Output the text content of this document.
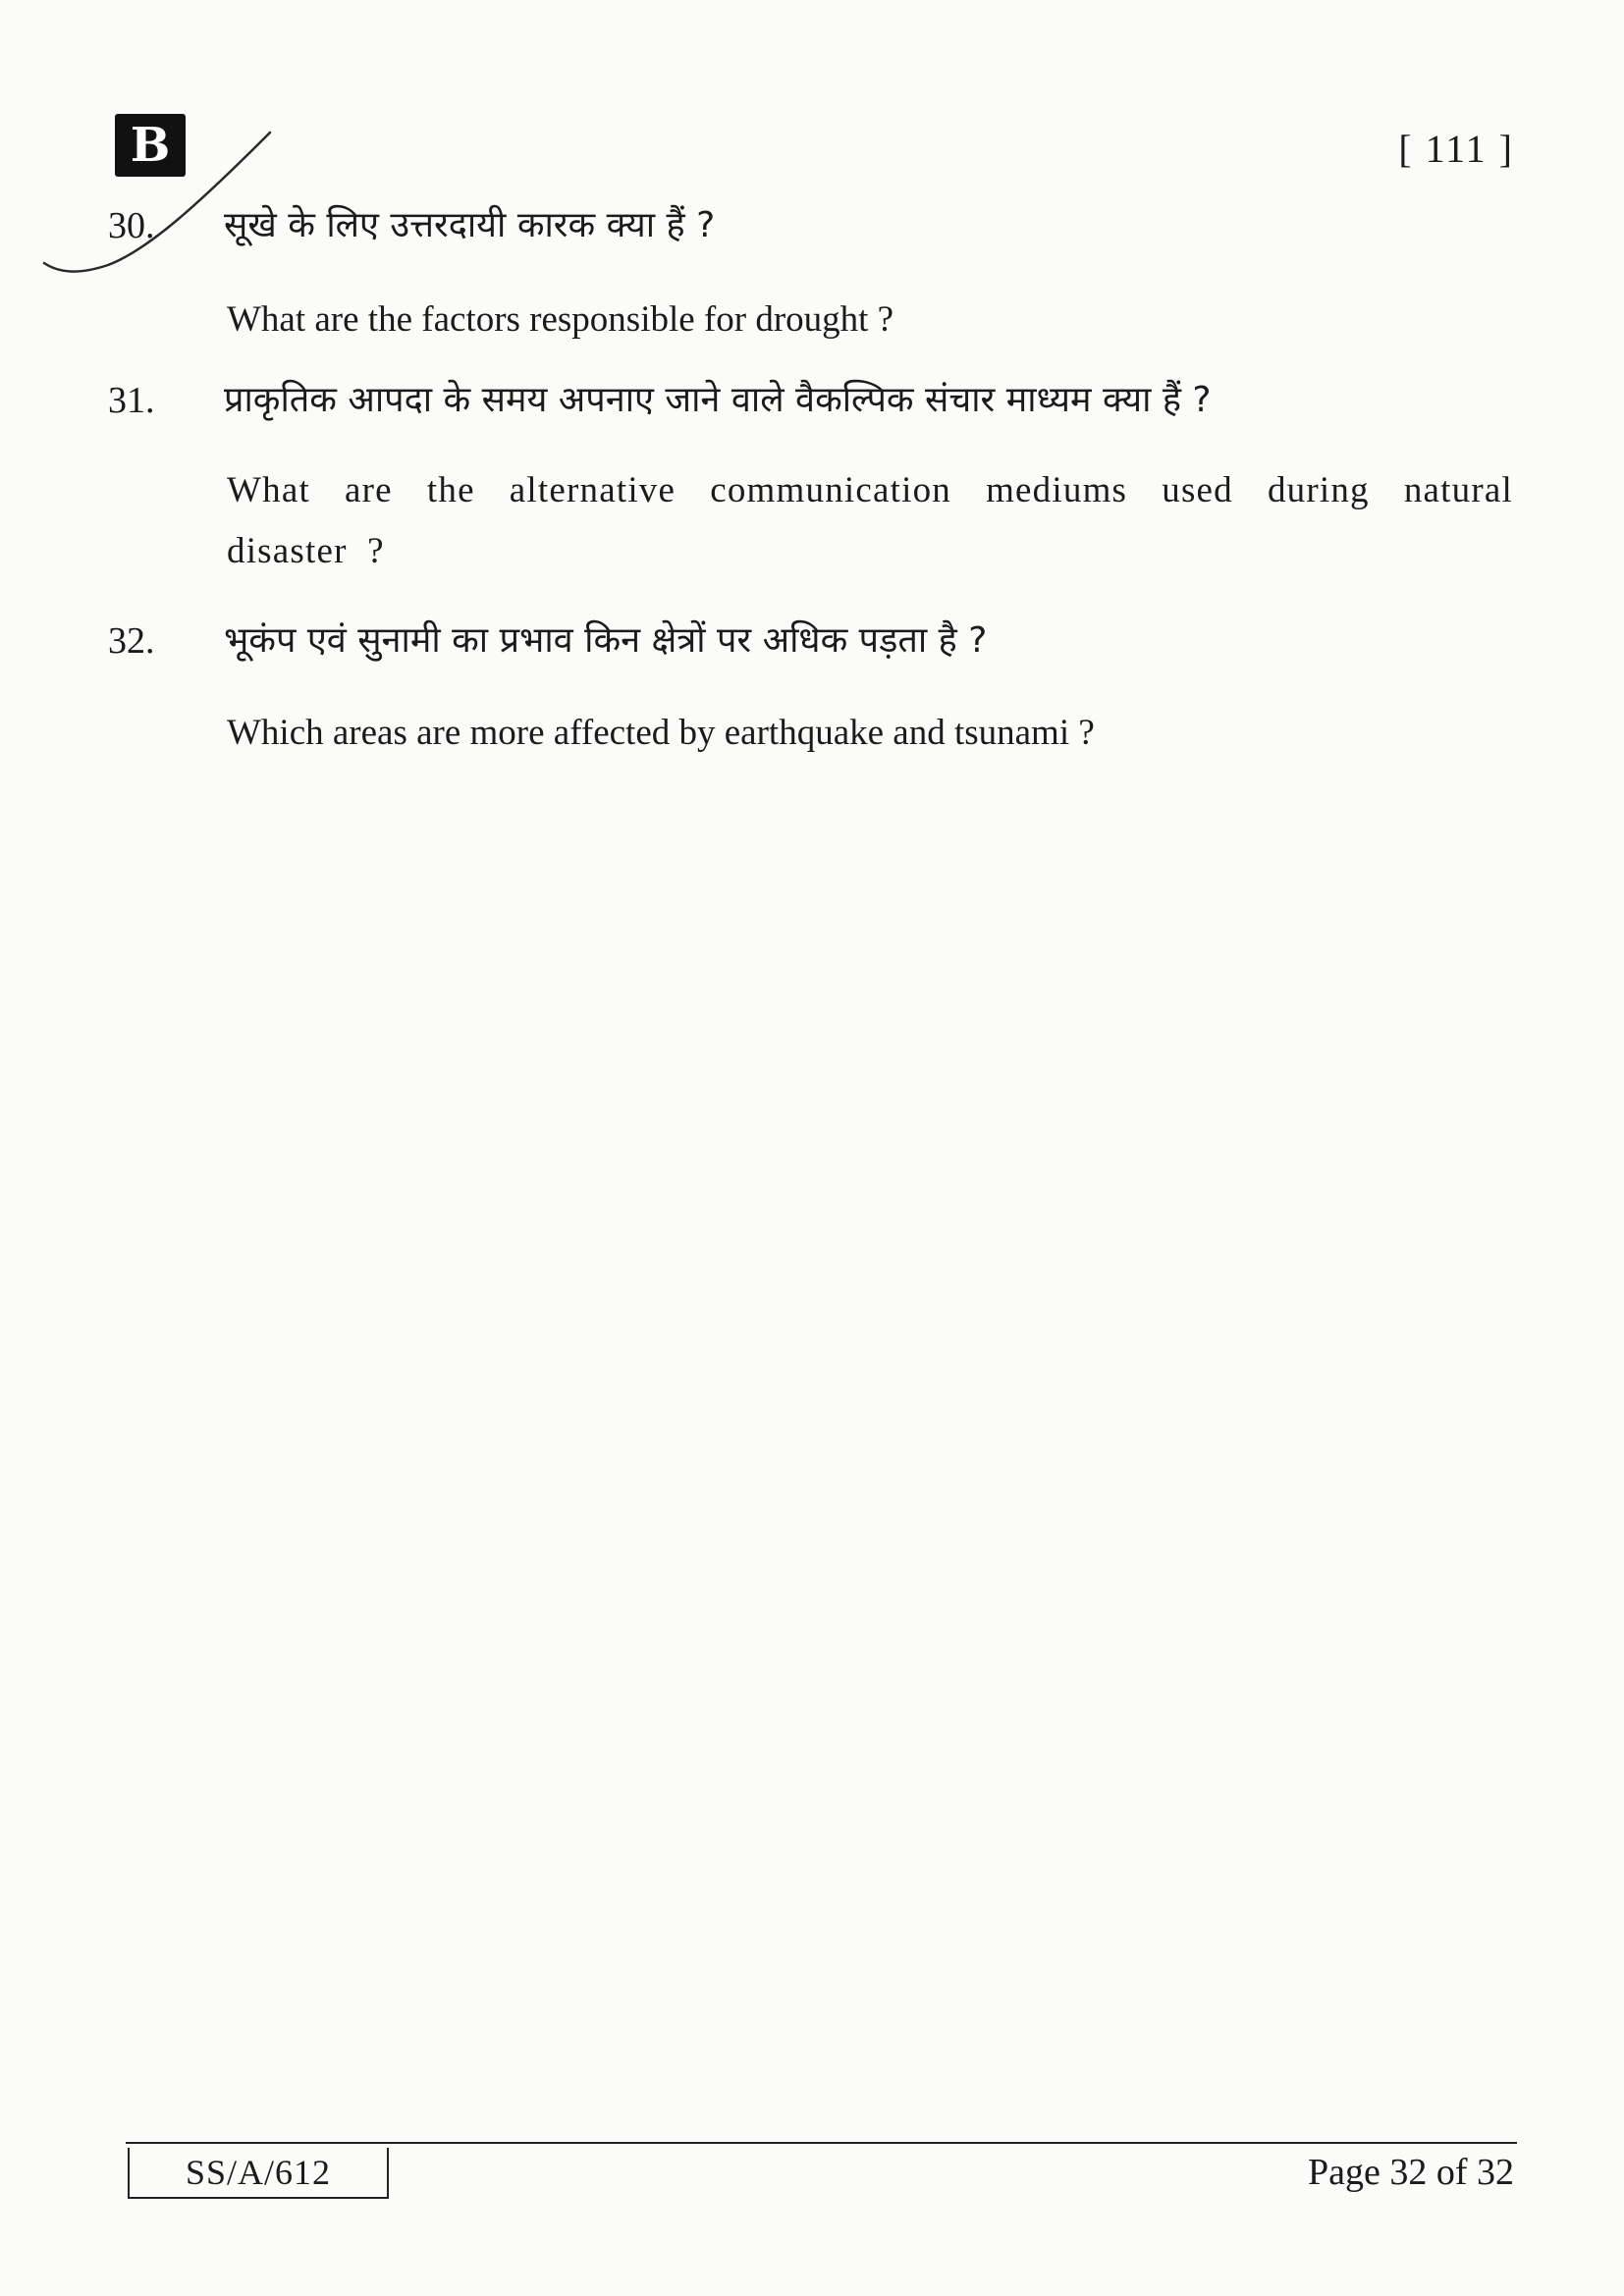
B	[ 111 ]
30.	सूखे के लिए उत्तरदायी कारक क्या हैं ?
What are the factors responsible for drought ?
31.	प्राकृतिक आपदा के समय अपनाए जाने वाले वैकल्पिक संचार माध्यम क्या हैं ?
What are the alternative communication mediums used during natural disaster ?
32.	भूकंप एवं सुनामी का प्रभाव किन क्षेत्रों पर अधिक पड़ता है ?
Which areas are more affected by earthquake and tsunami ?
SS/A/612	Page 32 of 32
